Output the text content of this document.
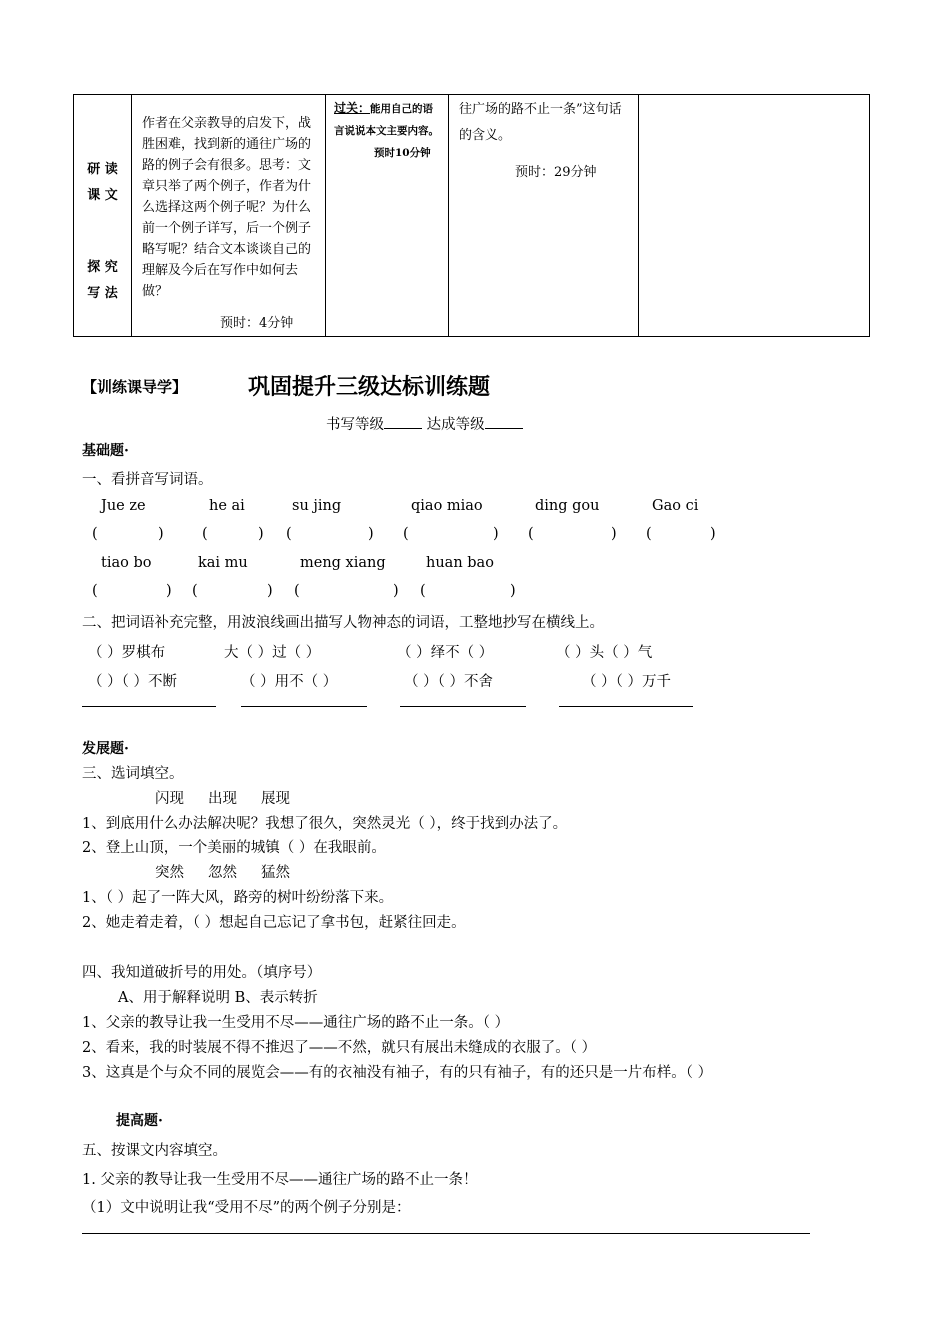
研 读
课 文
探 究
写 法

作者在父亲教导的启发下，战胜困难，找到新的通往广场的路的例子会有很多。思考：文章只举了两个例子，作者为什么选择这两个例子呢？为什么前一个例子详写，后一个例子略写呢？结合文本谈谈自己的理解及今后在写作中如何去做？
预时：4分钟

过关：能用自己的语言说说本文主要内容。
预时10分钟

往广场的路不止一条”这句话的含义。
预时：29分钟

【训练课导学】	巩固提升三级达标训练题
书写等级	达成等级
基础题·
一、看拼音写词语。
Jue ze	he ai	su jing	qiao miao	ding gou	Gao ci
(	)	(	) (	) (	) (	) (	)
tiao bo	kai mu	meng xiang	huan bao
(	) (	) (	) (	)
二、把词语补充完整，用波浪线画出描写人物神态的词语，工整地抄写在横线上。
（ ）罗棋布	大（ ）过（ ）	（ ）绎不（ ）	（ ）头（ ）气
（ ）（ ）不断	（ ）用不（ ）	（ ）（ ）不舍	（ ）（ ）万千
发展题·
三、选词填空。
闪现 出现 展现
1、到底用什么办法解决呢？我想了很久，突然灵光（ ），终于找到办法了。
2、登上山顶，一个美丽的城镇（ ）在我眼前。
突然 忽然 猛然
1、（ ）起了一阵大风，路旁的树叶纷纷落下来。
2、她走着走着，（ ）想起自己忘记了拿书包，赶紧往回走。
四、我知道破折号的用处。（填序号）
A、用于解释说明 B、表示转折
1、父亲的教导让我一生受用不尽——通往广场的路不止一条。（ ）
2、看来，我的时装展不得不推迟了——不然，就只有展出未缝成的衣服了。（ ）
3、这真是个与众不同的展览会——有的衣袖没有袖子，有的只有袖子，有的还只是一片布样。（ ）
提高题·
五、按课文内容填空。
1. 父亲的教导让我一生受用不尽——通往广场的路不止一条！
（1）文中说明让我“受用不尽”的两个例子分别是：
